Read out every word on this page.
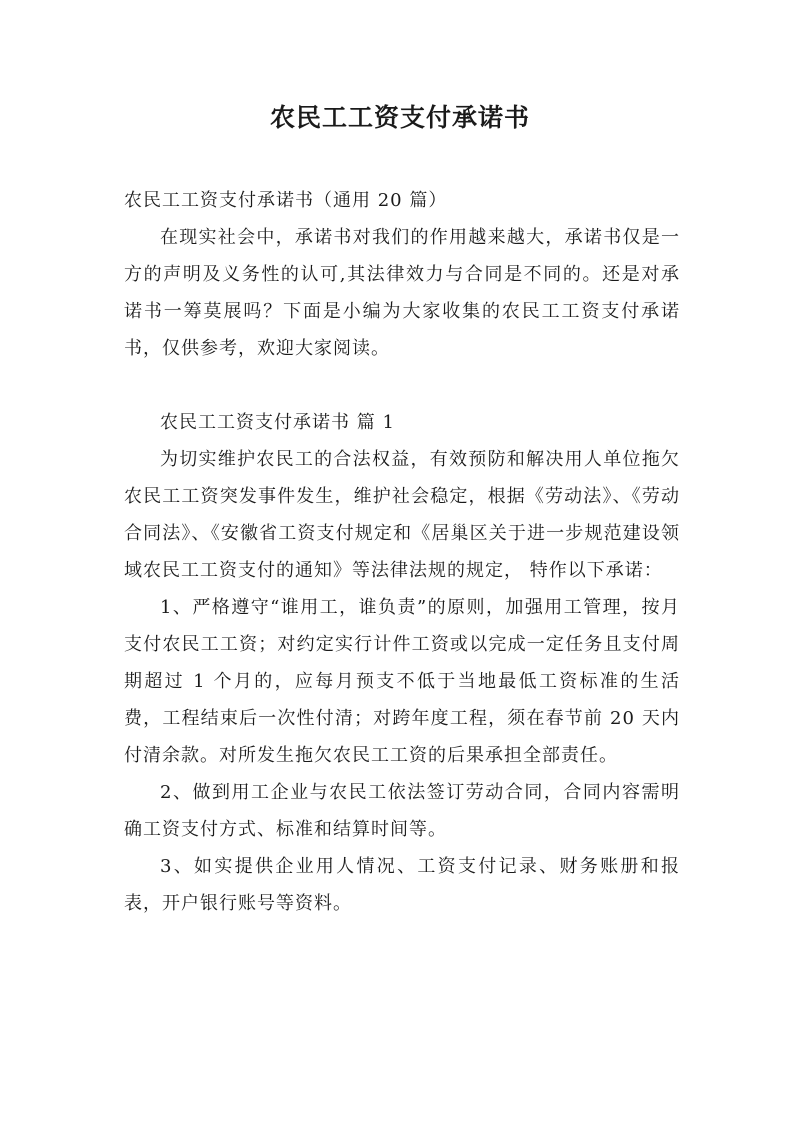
农民工工资支付承诺书

农民工工资支付承诺书（通用 20 篇）

在现实社会中，承诺书对我们的作用越来越大，承诺书仅是一方的声明及义务性的认可,其法律效力与合同是不同的。还是对承诺书一筹莫展吗？下面是小编为大家收集的农民工工资支付承诺书，仅供参考，欢迎大家阅读。

农民工工资支付承诺书 篇 1

为切实维护农民工的合法权益，有效预防和解决用人单位拖欠农民工工资突发事件发生，维护社会稳定，根据《劳动法》、《劳动合同法》、《安徽省工资支付规定和《居巢区关于进一步规范建设领域农民工工资支付的通知》等法律法规的规定， 特作以下承诺：

1、严格遵守“谁用工，谁负责”的原则，加强用工管理，按月支付农民工工资；对约定实行计件工资或以完成一定任务且支付周期超过 1 个月的，应每月预支不低于当地最低工资标准的生活费，工程结束后一次性付清；对跨年度工程，须在春节前 20 天内付清余款。对所发生拖欠农民工工资的后果承担全部责任。

2、做到用工企业与农民工依法签订劳动合同，合同内容需明确工资支付方式、标准和结算时间等。

3、如实提供企业用人情况、工资支付记录、财务账册和报表，开户银行账号等资料。
